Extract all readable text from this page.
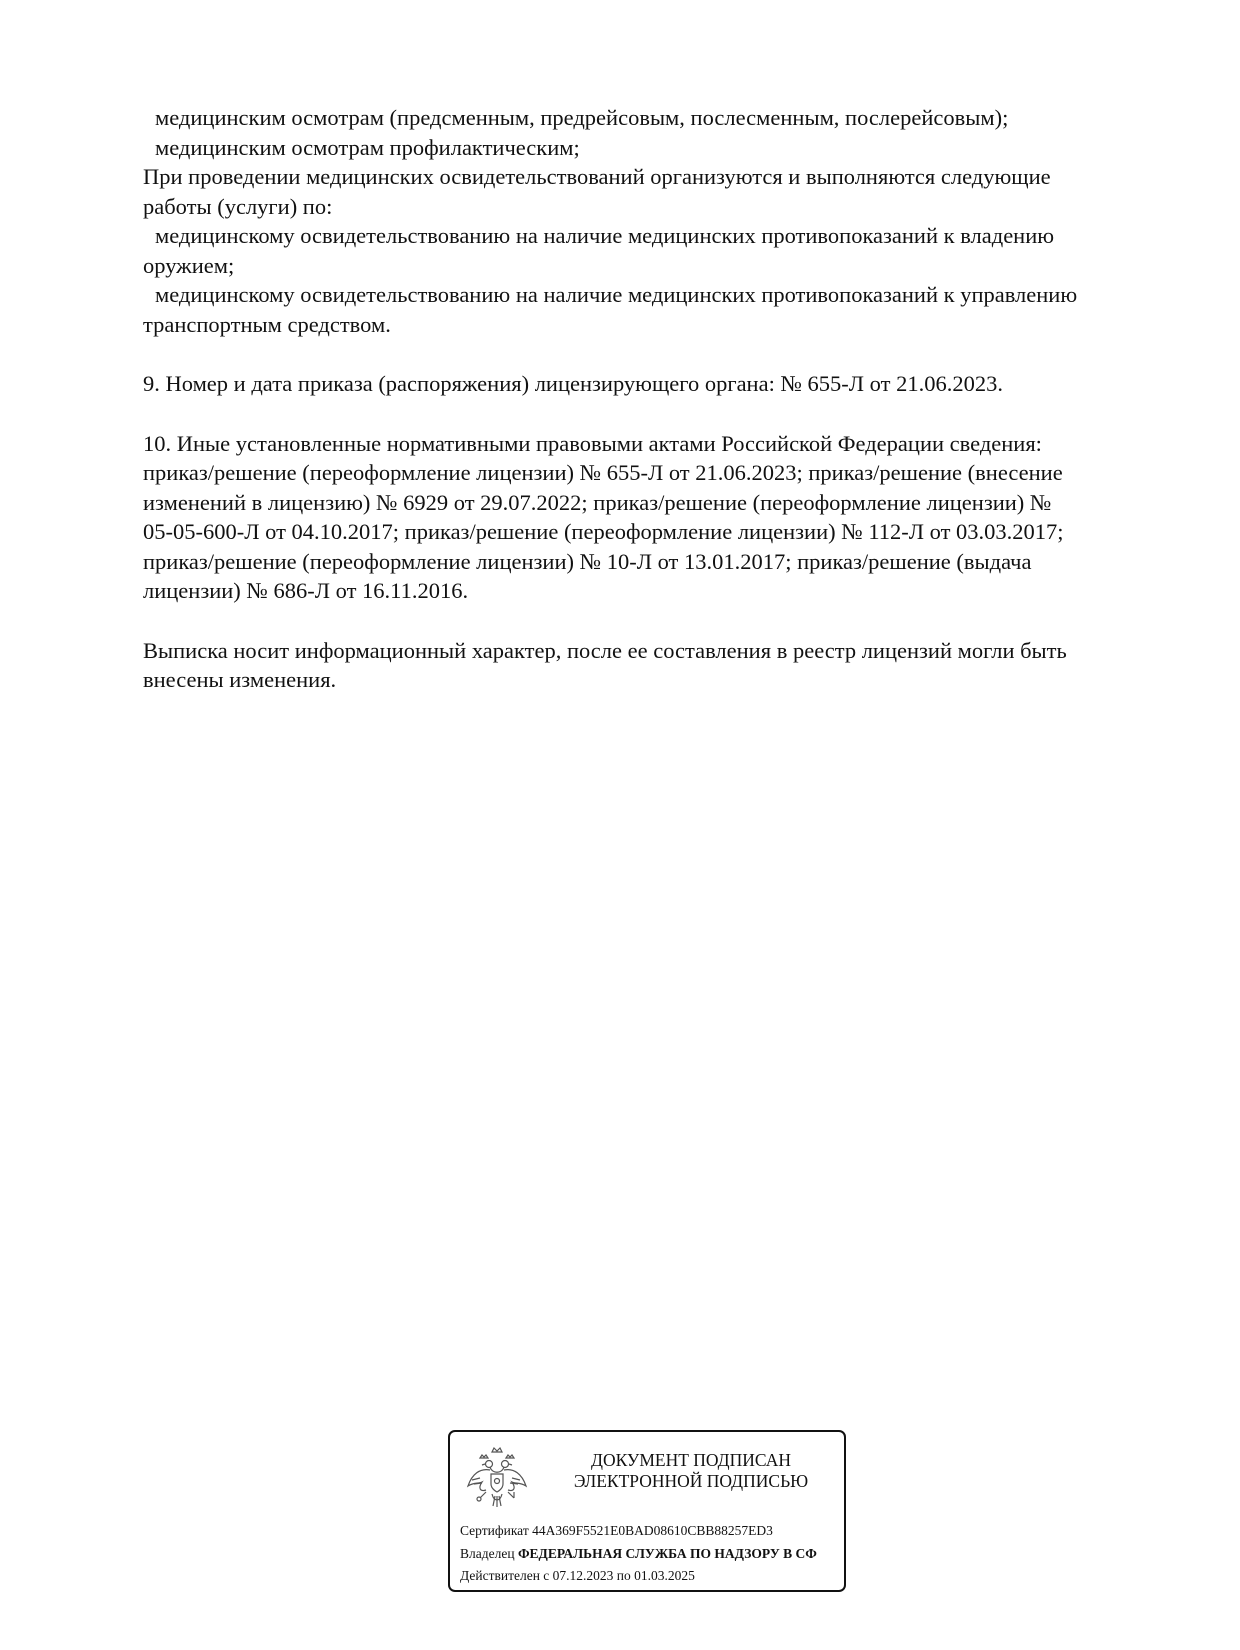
медицинским осмотрам (предсменным, предрейсовым, послесменным, послерейсовым);
медицинским осмотрам профилактическим;
При проведении медицинских освидетельствований организуются и выполняются следующие
работы (услуги) по:
медицинскому освидетельствованию на наличие медицинских противопоказаний к владению
оружием;
медицинскому освидетельствованию на наличие медицинских противопоказаний к управлению
транспортным средством.
9. Номер и дата приказа (распоряжения) лицензирующего органа: № 655-Л от 21.06.2023.
10. Иные установленные нормативными правовыми актами Российской Федерации сведения:
приказ/решение (переоформление лицензии) № 655-Л от 21.06.2023; приказ/решение (внесение
изменений в лицензию) № 6929 от 29.07.2022; приказ/решение (переоформление лицензии) №
05-05-600-Л от 04.10.2017; приказ/решение (переоформление лицензии) № 112-Л от 03.03.2017;
приказ/решение (переоформление лицензии) № 10-Л от 13.01.2017; приказ/решение (выдача
лицензии) № 686-Л от 16.11.2016.
Выписка носит информационный характер, после ее составления в реестр лицензий могли быть
внесены изменения.
ДОКУМЕНТ ПОДПИСАН
ЭЛЕКТРОННОЙ ПОДПИСЬЮ
Сертификат 44A369F5521E0BAD08610CBB88257ED3
Владелец ФЕДЕРАЛЬНАЯ СЛУЖБА ПО НАДЗОРУ В СФ
Действителен с 07.12.2023 по 01.03.2025
